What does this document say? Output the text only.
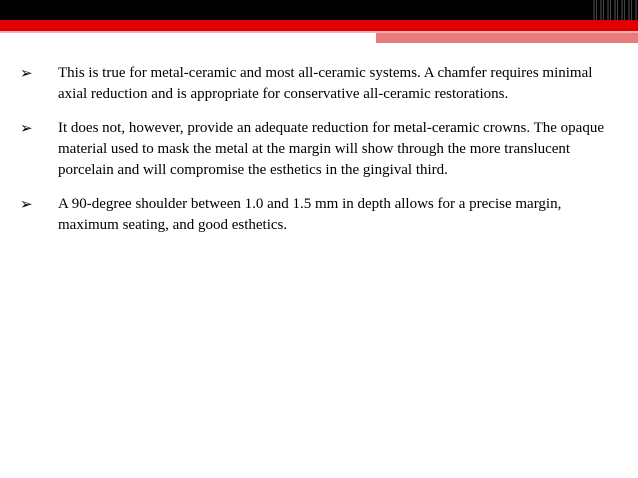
➢ This is true for metal-ceramic and most all-ceramic systems. A chamfer requires minimal axial reduction and is appropriate for conservative all-ceramic restorations.
➢ It does not, however, provide an adequate reduction for metal-ceramic crowns. The opaque material used to mask the metal at the margin will show through the more translucent porcelain and will compromise the esthetics in the gingival third.
➢ A 90-degree shoulder between 1.0 and 1.5 mm in depth allows for a precise margin, maximum seating, and good esthetics.
